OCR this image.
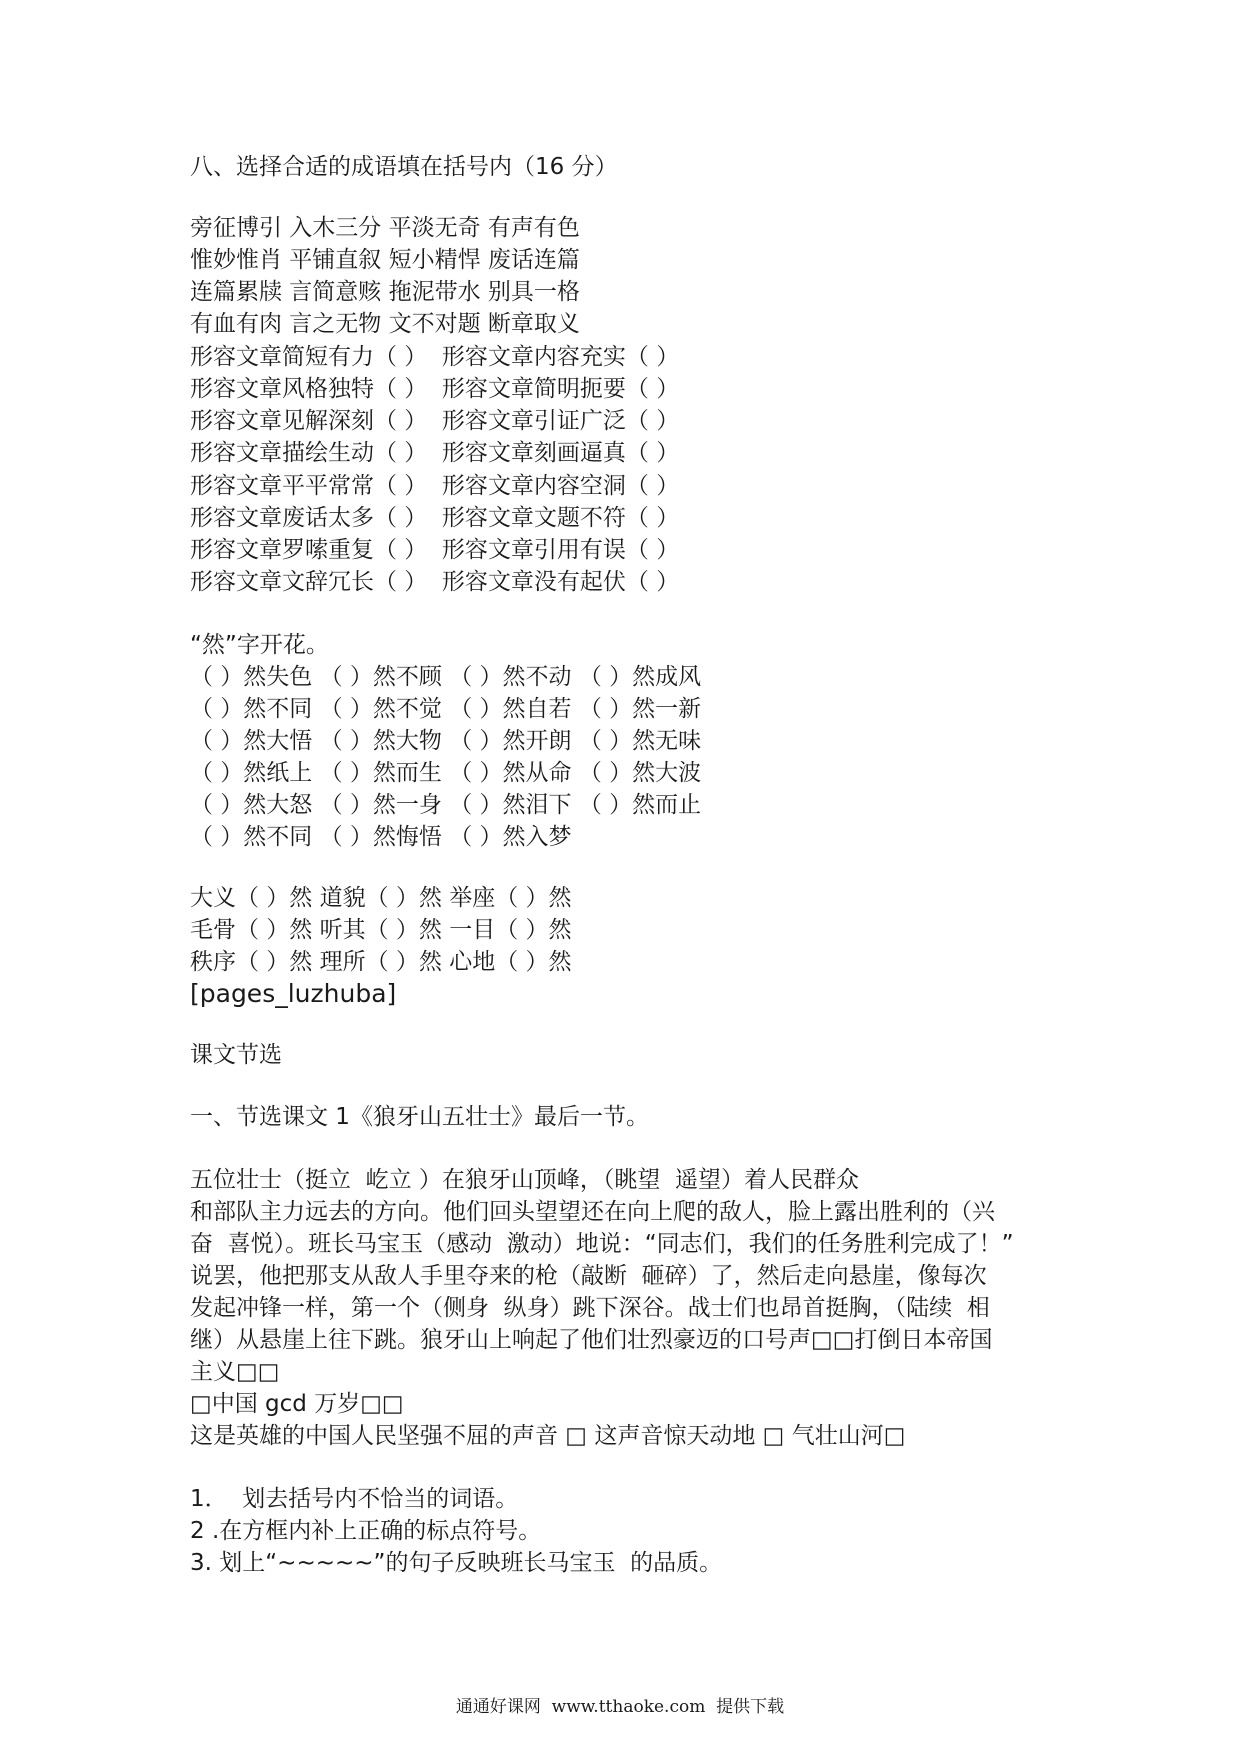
八、选择合适的成语填在括号内（16 分）
旁征博引 入木三分 平淡无奇 有声有色
惟妙惟肖 平铺直叙 短小精悍 废话连篇
连篇累牍 言简意赅 拖泥带水 别具一格
有血有肉 言之无物 文不对题 断章取义
形容文章简短有力（ ）  形容文章内容充实（ ）
形容文章风格独特（ ）  形容文章简明扼要（ ）
形容文章见解深刻（ ）  形容文章引证广泛（ ）
形容文章描绘生动（ ）  形容文章刻画逼真（ ）
形容文章平平常常（ ）  形容文章内容空洞（ ）
形容文章废话太多（ ）  形容文章文题不符（ ）
形容文章罗嗦重复（ ）  形容文章引用有误（ ）
形容文章文辞冗长（ ）  形容文章没有起伏（ ）
“然”字开花。
（ ）然失色 （ ）然不顾 （ ）然不动 （ ）然成风
（ ）然不同 （ ）然不觉 （ ）然自若 （ ）然一新
（ ）然大悟 （ ）然大物 （ ）然开朗 （ ）然无味
（ ）然纸上 （ ）然而生 （ ）然从命 （ ）然大波
（ ）然大怒 （ ）然一身 （ ）然泪下 （ ）然而止
（ ）然不同 （ ）然悔悟 （ ）然入梦
大义（ ）然 道貌（ ）然 举座（ ）然
毛骨（ ）然 听其（ ）然 一目（ ）然
秩序（ ）然 理所（ ）然 心地（ ）然
[pages_luzhuba]
课文节选
一、节选课文 1《狼牙山五壮士》最后一节。
五位壮士（挺立  屹立 ）在狼牙山顶峰，（眺望  遥望）着人民群众
和部队主力远去的方向。他们回头望望还在向上爬的敌人，脸上露出胜利的（兴
奋  喜悦）。班长马宝玉（感动  激动）地说：“同志们，我们的任务胜利完成了！”
说罢，他把那支从敌人手里夺来的枪（敲断  砸碎）了，然后走向悬崖，像每次
发起冲锋一样，第一个（侧身  纵身）跳下深谷。战士们也昂首挺胸，（陆续  相
继）从悬崖上往下跳。狼牙山上响起了他们壮烈豪迈的口号声□□打倒日本帝国
主义□□
□中国 gcd 万岁□□
这是英雄的中国人民坚强不屈的声音 □ 这声音惊天动地 □ 气壮山河□
1．  划去括号内不恰当的词语。
2 .在方框内补上正确的标点符号。
3. 划上“~~~~~”的句子反映班长马宝玉  的品质。
通通好课网  www.tthaoke.com  提供下载
